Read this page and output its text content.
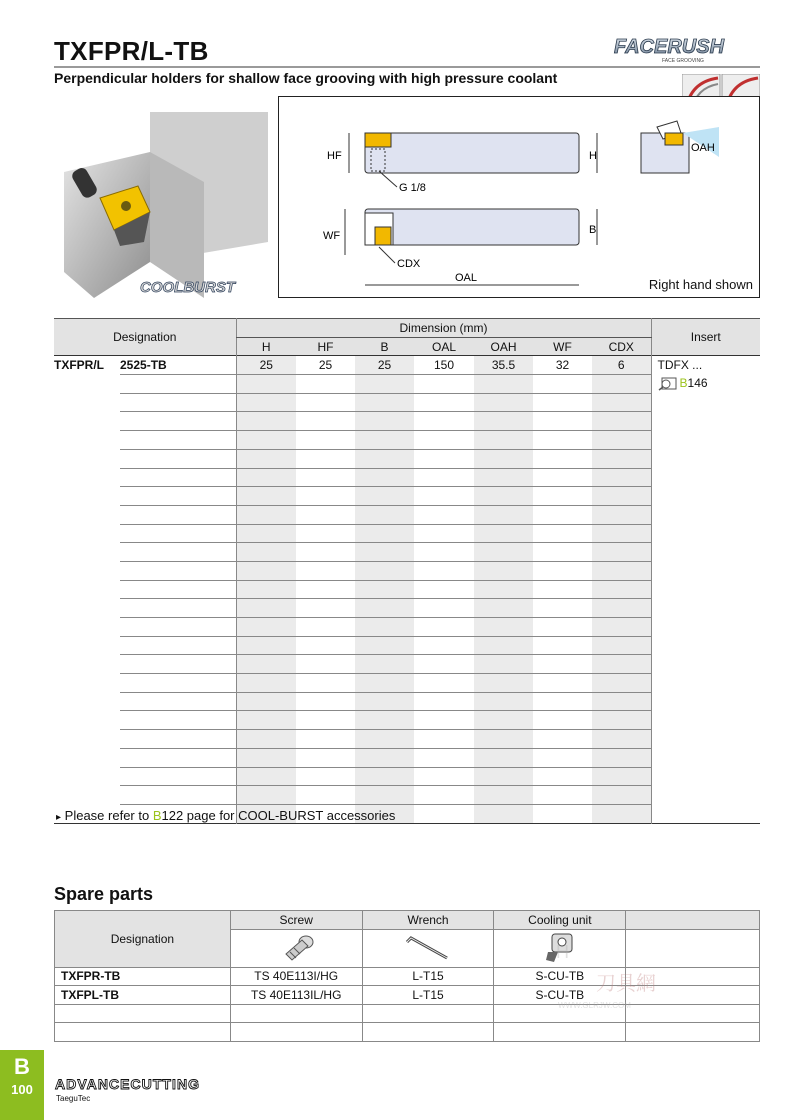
TXFPR/L-TB
Perpendicular holders for shallow face grooving with high pressure coolant
FACERUSH
FACE GROOVING
COOLBURST
HF	H
G 1/8
WF	B
CDX
OAL
OAH
Right hand shown
Designation		Dimension (mm)							Insert
		H	HF	B	OAL	OAH	WF	CDX	
TXFPR/L	2525-TB	25	25	25	150	35.5	32	6	TDFX ...
									B146

▸ Please refer to B122 page for COOL-BURST accessories
Spare parts
Designation	Screw	Wrench	Cooling unit	

TXFPR-TB	TS 40E113I/HG	L-T15	S-CU-TB	
TXFPL-TB	TS 40E113IL/HG	L-T15	S-CU-TB	

H
刀具網
WWW.GLRJW.COM
B
100	ADVANCECUTTING
TaeguTec
